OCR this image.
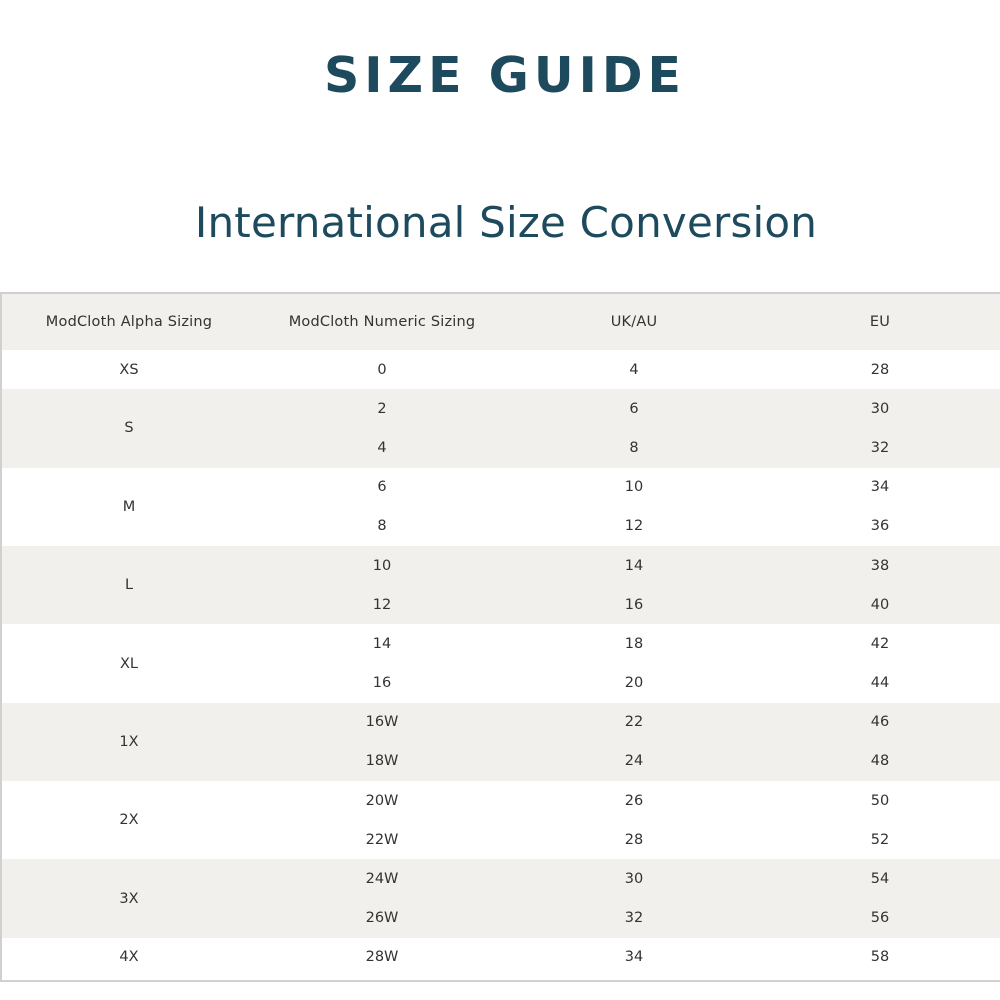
SIZE GUIDE
International Size Conversion
ModCloth Alpha Sizing	ModCloth Numeric Sizing	UK/AU	EU
XS	0	4	28
S	2	6	30
	4	8	32
M	6	10	34
	8	12	36
L	10	14	38
	12	16	40
XL	14	18	42
	16	20	44
1X	16W	22	46
	18W	24	48
2X	20W	26	50
	22W	28	52
3X	24W	30	54
	26W	32	56
4X	28W	34	58
